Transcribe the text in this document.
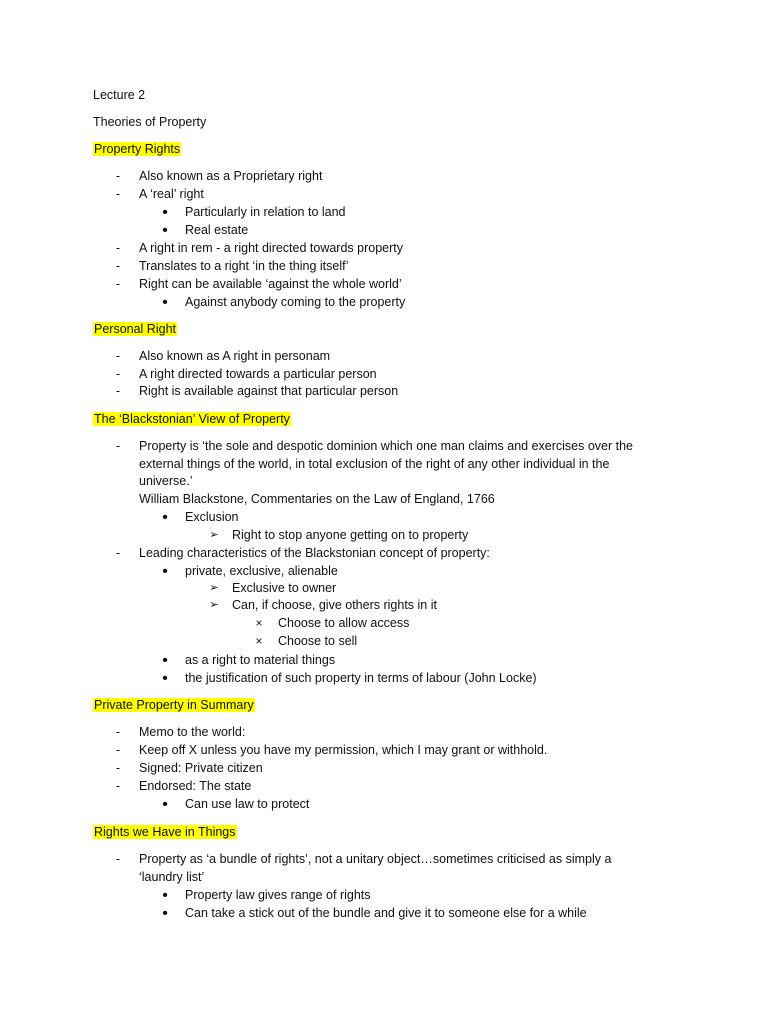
Lecture 2
Theories of Property
Property Rights
-	Also known as a Proprietary right
-	A ‘real’ right
•	Particularly in relation to land
•	Real estate
-	A right in rem - a right directed towards property
-	Translates to a right ‘in the thing itself’
-	Right can be available ‘against the whole world’
•	Against anybody coming to the property
Personal Right
-	Also known as A right in personam
-	A right directed towards a particular person
-	Right is available against that particular person
The ‘Blackstonian’ View of Property
-	Property is ‘the sole and despotic dominion which one man claims and exercises over the
external things of the world, in total exclusion of the right of any other individual in the
universe.’
William Blackstone, Commentaries on the Law of England, 1766
•	Exclusion
➢ Right to stop anyone getting on to property
-	Leading characteristics of the Blackstonian concept of property:
•	private, exclusive, alienable
➢ Exclusive to owner
➢ Can, if choose, give others rights in it
× Choose to allow access
× Choose to sell
•	as a right to material things
•	the justification of such property in terms of labour (John Locke)
Private Property in Summary
-	Memo to the world:
-	Keep off X unless you have my permission, which I may grant or withhold.
-	Signed: Private citizen
-	Endorsed: The state
•	Can use law to protect
Rights we Have in Things
-	Property as ‘a bundle of rights’, not a unitary object…sometimes criticised as simply a
‘laundry list’
•	Property law gives range of rights
•	Can take a stick out of the bundle and give it to someone else for a while
